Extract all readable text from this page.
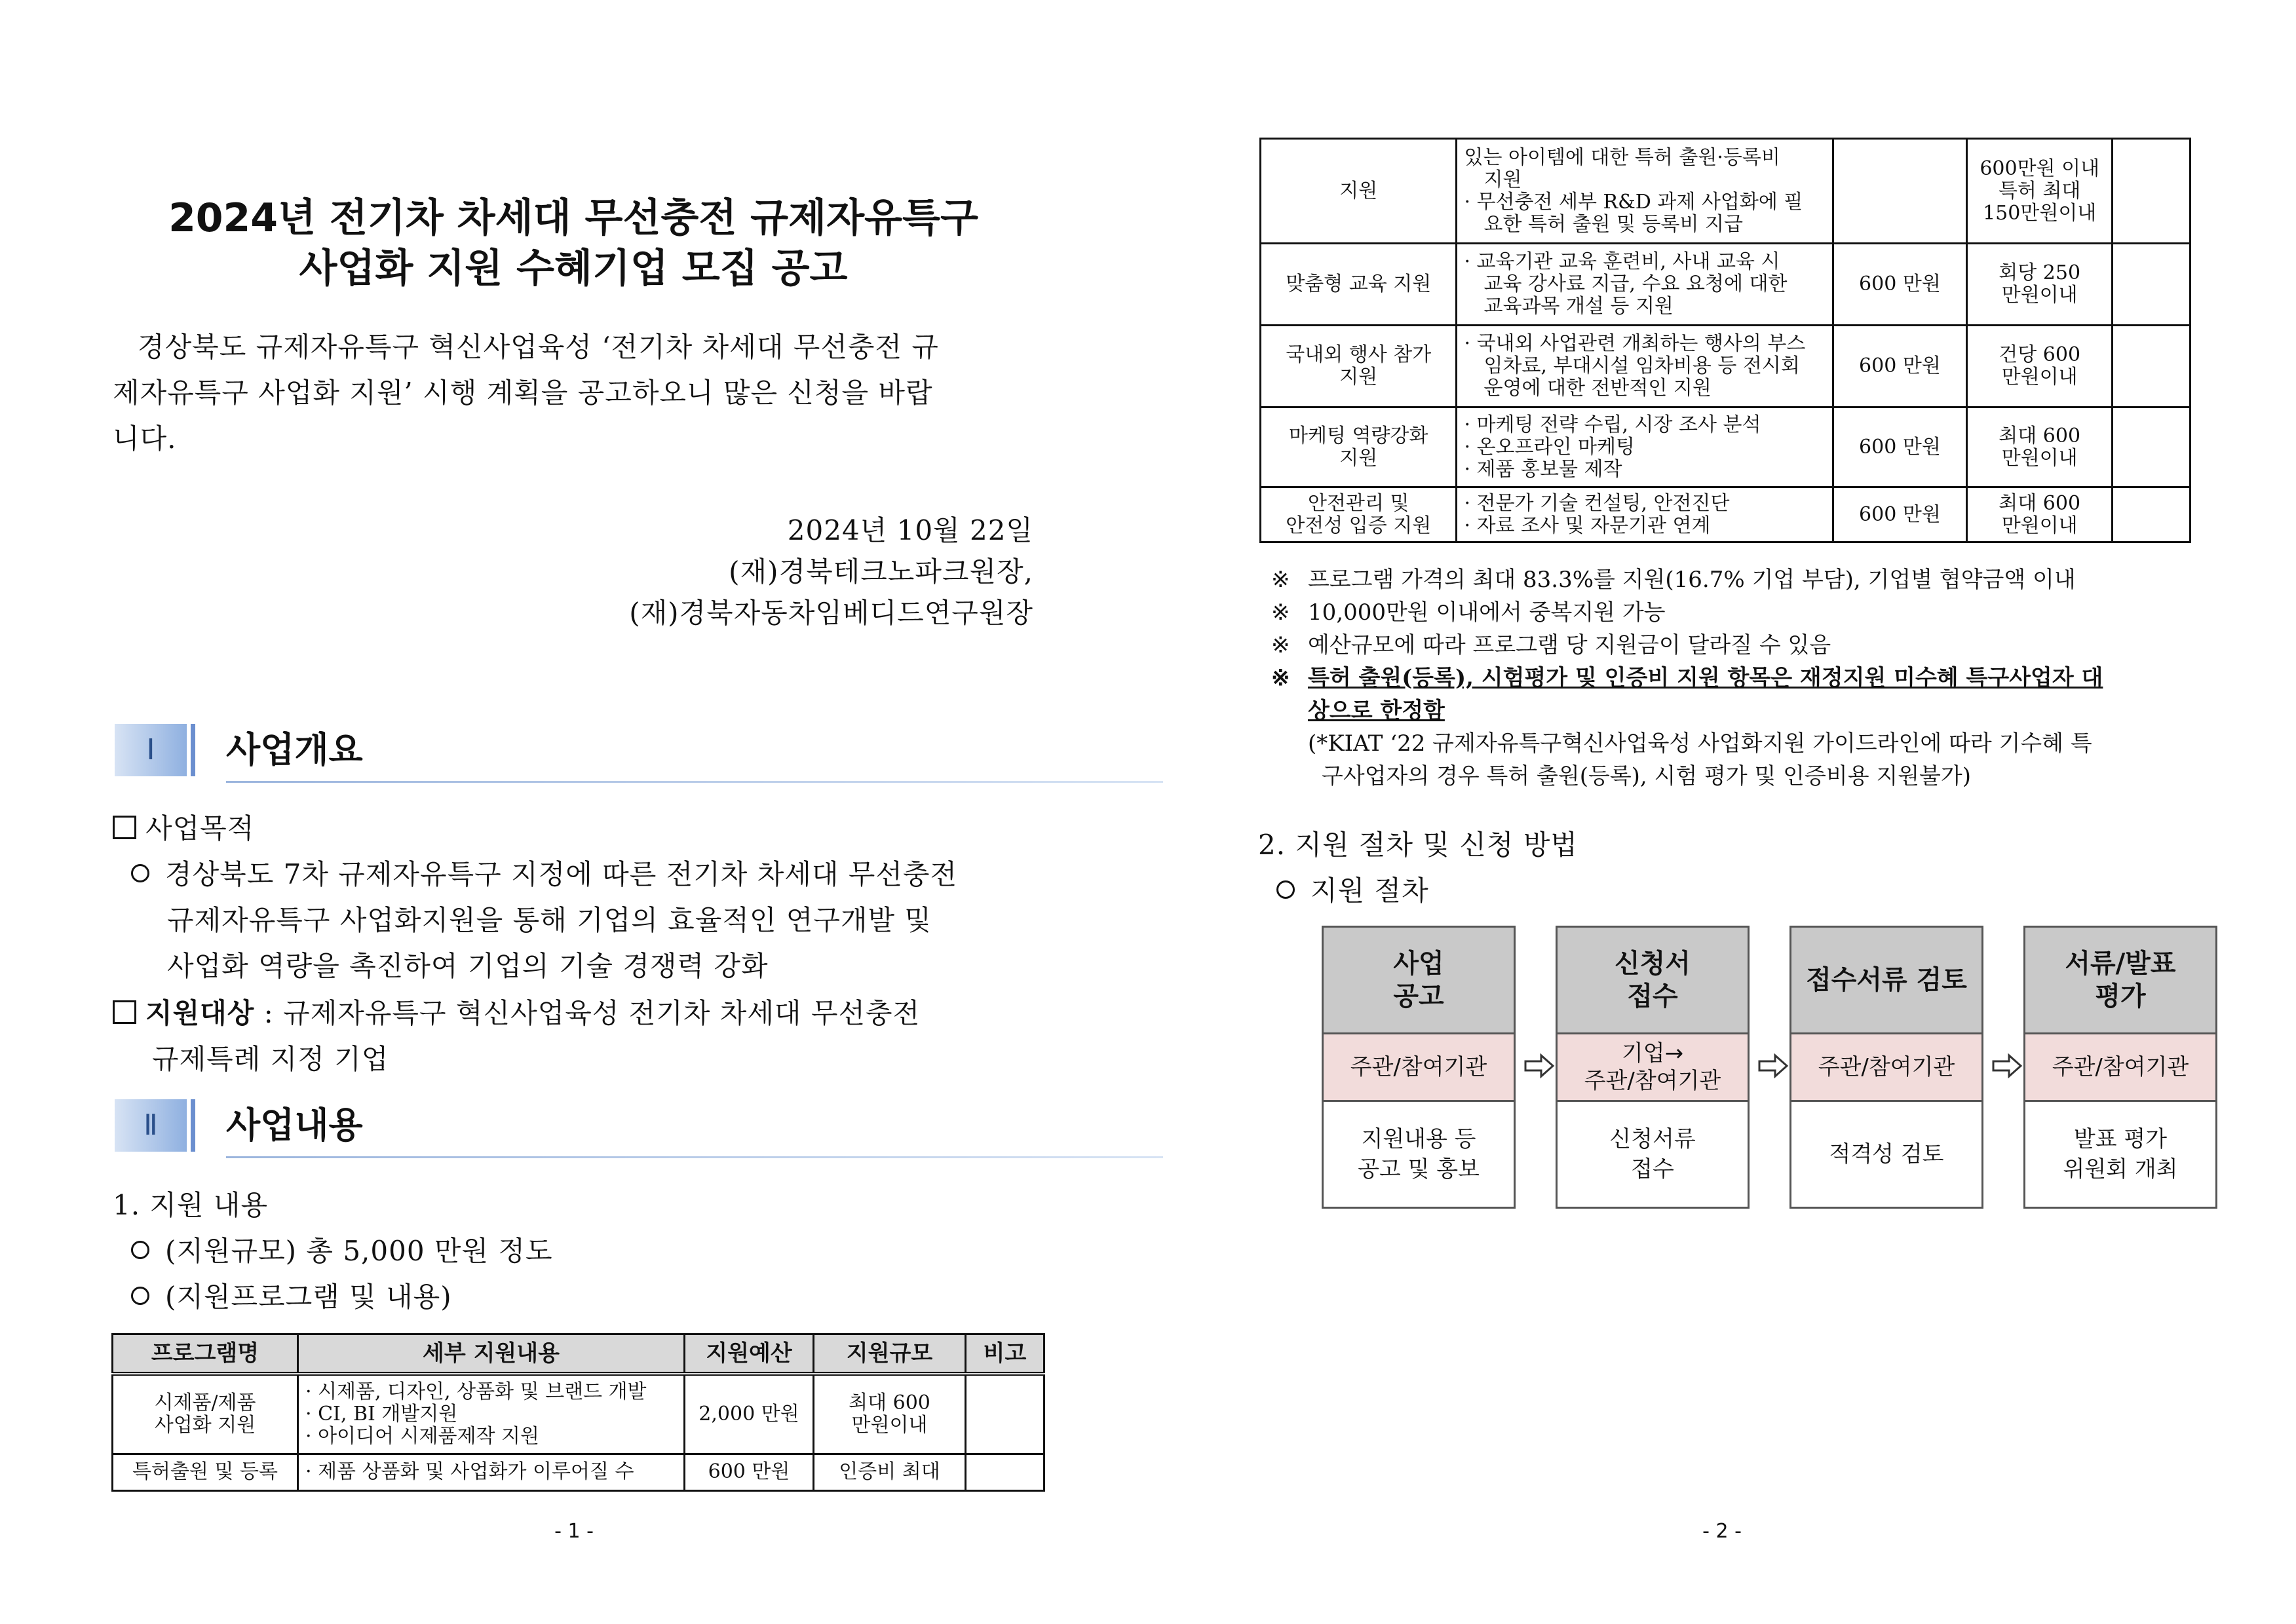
2024년 전기차 차세대 무선충전 규제자유특구
사업화 지원 수혜기업 모집 공고
경상북도 규제자유특구 혁신사업육성 ‘전기차 차세대 무선충전 규
제자유특구 사업화 지원’ 시행 계획을 공고하오니 많은 신청을 바랍
니다.
2024년 10월 22일
(재)경북테크노파크원장,
(재)경북자동차임베디드연구원장
Ⅰ	사업개요
사업목적
경상북도 7차 규제자유특구 지정에 따른 전기차 차세대 무선충전
규제자유특구 사업화지원을 통해 기업의 효율적인 연구개발 및
사업화 역량을 촉진하여 기업의 기술 경쟁력 강화
지원대상 : 규제자유특구 혁신사업육성 전기차 차세대 무선충전
규제특례 지정 기업
Ⅱ	사업내용
1. 지원 내용
(지원규모) 총 5,000 만원 정도
(지원프로그램 및 내용)
프로그램명	세부 지원내용	지원예산	지원규모	비고

시제품/제품
사업화 지원	· 시제품, 디자인, 상품화 및 브랜드 개발
· CI, BI 개발지원
· 아이디어 시제품제작 지원	2,000 만원	최대 600
만원이내	

특허출원 및 등록	· 제품 상품화 및 사업화가 이루어질 수	600 만원	인증비 최대	
- 1 -
지원	있는 아이템에 대한 특허 출원·등록비
지원
· 무선충전 세부 R&D 과제 사업화에 필
요한 특허 출원 및 등록비 지급		600만원 이내
특허 최대
150만원이내	

맞춤형 교육 지원	· 교육기관 교육 훈련비, 사내 교육 시
교육 강사료 지급, 수요 요청에 대한
교육과목 개설 등 지원	600 만원	회당 250
만원이내	

국내외 행사 참가
지원	· 국내외 사업관련 개최하는 행사의 부스
임차료, 부대시설 임차비용 등 전시회
운영에 대한 전반적인 지원	600 만원	건당 600
만원이내	

마케팅 역량강화
지원	· 마케팅 전략 수립, 시장 조사 분석
· 온오프라인 마케팅
· 제품 홍보물 제작	600 만원	최대 600
만원이내	

안전관리 및
안전성 입증 지원	· 전문가 기술 컨설팅, 안전진단
· 자료 조사 및 자문기관 연계	600 만원	최대 600
만원이내	

※ 프로그램 가격의 최대 83.3%를 지원(16.7% 기업 부담), 기업별 협약금액 이내
※ 10,000만원 이내에서 중복지원 가능
※ 예산규모에 따라 프로그램 당 지원금이 달라질 수 있음
※ 특허 출원(등록), 시험평가 및 인증비 지원 항목은 재정지원 미수혜 특구사업자 대
상으로 한정함
(*KIAT ‘22 규제자유특구혁신사업육성 사업화지원 가이드라인에 따라 기수혜 특
구사업자의 경우 특허 출원(등록), 시험 평가 및 인증비용 지원불가)
2. 지원 절차 및 신청 방법
지원 절차
사업
공고
주관/참여기관
지원내용 등
공고 및 홍보
신청서
접수
기업→
주관/참여기관
신청서류
접수
접수서류 검토
주관/참여기관
적격성 검토
서류/발표
평가
주관/참여기관
발표 평가
위원회 개최
- 2 -
